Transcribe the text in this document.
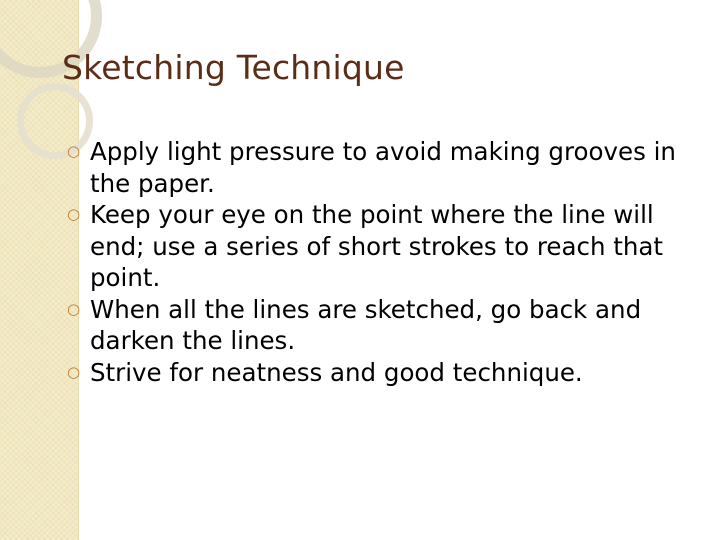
Sketching Technique
○ Apply light pressure to avoid making grooves in the paper.
○ Keep your eye on the point where the line will end; use a series of short strokes to reach that point.
○ When all the lines are sketched, go back and darken the lines.
○ Strive for neatness and good technique.
